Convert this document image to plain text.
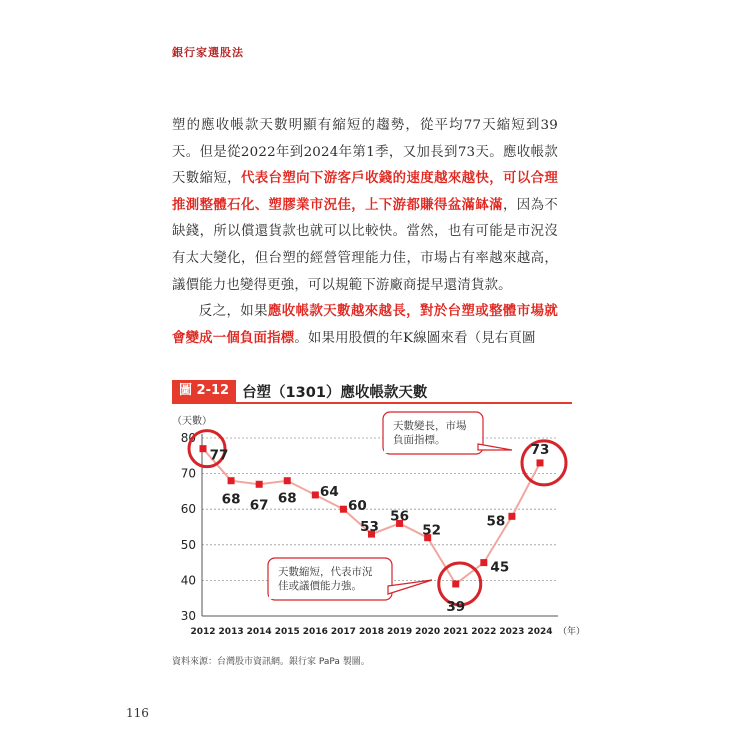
銀行家選股法

塑的應收帳款天數明顯有縮短的趨勢，從平均77天縮短到39天。但是從2022年到2024年第1季，又加長到73天。應收帳款天數縮短，代表台塑向下游客戶收錢的速度越來越快，可以合理推測整體石化、塑膠業市況佳，上下游都賺得盆滿缽滿，因為不缺錢，所以償還貨款也就可以比較快。當然，也有可能是市況沒有太大變化，但台塑的經營管理能力佳，市場占有率越來越高，議價能力也變得更強，可以規範下游廠商提早還清貨款。

反之，如果應收帳款天數越來越長，對於台塑或整體市場就會變成一個負面指標。如果用股價的年K線圖來看（見右頁圖

圖 2-12 台塑（1301）應收帳款天數
（天數）
30
40
50
60
70
80
2012 2013 2014 2015 2016 2017 2018 2019 2020 2021 2022 2023 2024 （年）
77
68 67 68 64
60
53
56
52
39
45
58
73
天數變長，市場
負面指標。
天數縮短，代表市況
佳或議價能力強。
資料來源：台灣股市資訊網。銀行家 PaPa 製圖。
116
